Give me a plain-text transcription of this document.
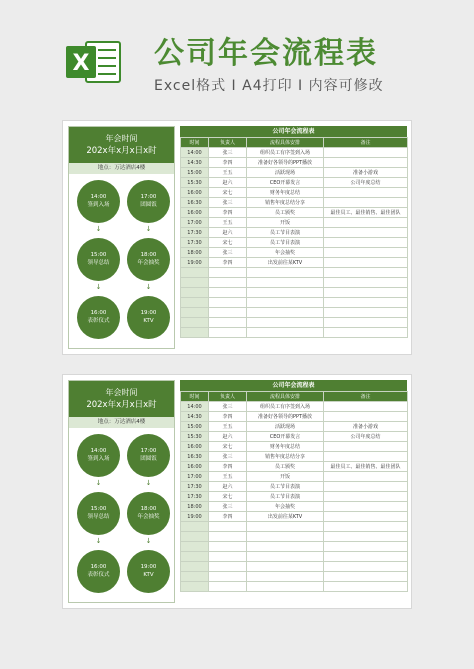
X 公司年会流程表
Excel格式 I A4打印 I 内容可修改
年会时间
202x年x月x日x时
地点：万达酒店4楼
14:00
签到入场
↓
17:00
团圆饭
↓
15:00
领导总结
↓
18:00
年会抽奖
↓
16:00
表彰仪式
19:00
KTV
公司年会流程表
时间	负责人	流程具体安排	备注
14:00	张三	组织员工有序签到入场	
14:30	李四	准备好各领导的PPT播放	
15:00	王五	活跃现场	准备小游戏
15:30	赵六	CEO开幕发言	公司年度总结
16:00	宋七	财务年度总结	
16:30	张三	销售年度总结分享	
16:00	李四	员工颁奖	最佳员工、最佳销售、最佳团队
17:00	王五	开饭	
17:30	赵六	员工节目表演	
17:30	宋七	员工节目表演	
18:00	张三	年会抽奖	
19:00	李四	出发前往某KTV	

年会时间
202x年x月x日x时
地点：万达酒店4楼
14:00
签到入场
↓
17:00
团圆饭
↓
15:00
领导总结
↓
18:00
年会抽奖
↓
16:00
表彰仪式
19:00
KTV
公司年会流程表
时间	负责人	流程具体安排	备注
14:00	张三	组织员工有序签到入场	
14:30	李四	准备好各领导的PPT播放	
15:00	王五	活跃现场	准备小游戏
15:30	赵六	CEO开幕发言	公司年度总结
16:00	宋七	财务年度总结	
16:30	张三	销售年度总结分享	
16:00	李四	员工颁奖	最佳员工、最佳销售、最佳团队
17:00	王五	开饭	
17:30	赵六	员工节目表演	
17:30	宋七	员工节目表演	
18:00	张三	年会抽奖	
19:00	李四	出发前往某KTV	
